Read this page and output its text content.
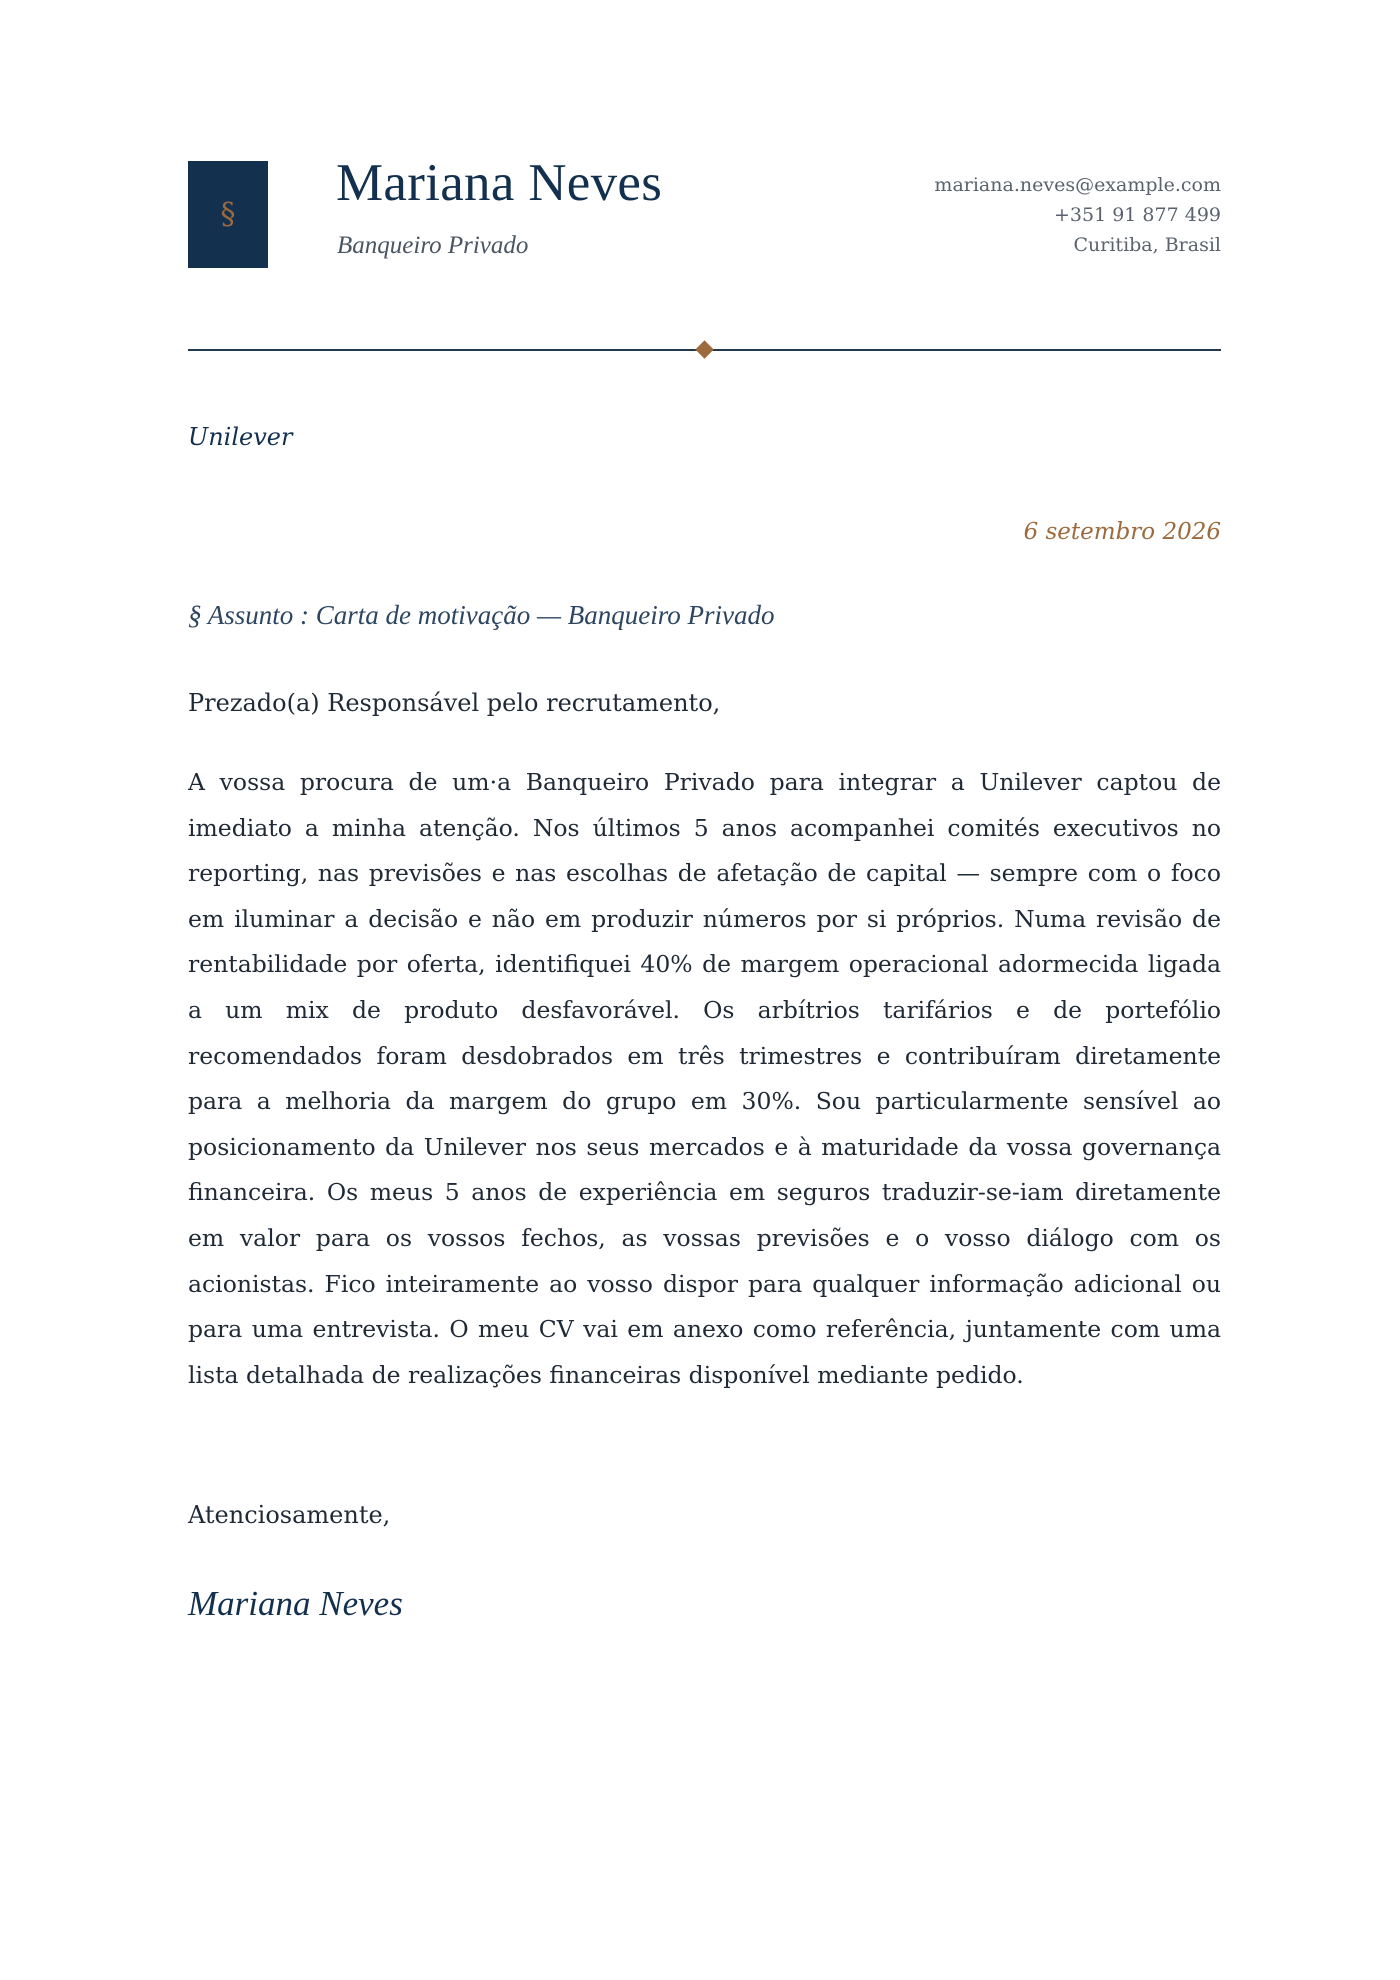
§
Mariana Neves
Banqueiro Privado
mariana.neves@example.com
+351 91 877 499
Curitiba, Brasil
Unilever
6 setembro 2026
§ Assunto : Carta de motivação — Banqueiro Privado
Prezado(a) Responsável pelo recrutamento,

A vossa procura de um·a Banqueiro Privado para integrar a Unilever captou de imediato a minha atenção. Nos últimos 5 anos acompanhei comités executivos no reporting, nas previsões e nas escolhas de afetação de capital — sempre com o foco em iluminar a decisão e não em produzir números por si próprios. Numa revisão de rentabilidade por oferta, identifiquei 40% de margem operacional adormecida ligada a um mix de produto desfavorável. Os arbítrios tarifários e de portefólio recomendados foram desdobrados em três trimestres e contribuíram diretamente para a melhoria da margem do grupo em 30%. Sou particularmente sensível ao posicionamento da Unilever nos seus mercados e à maturidade da vossa governança financeira. Os meus 5 anos de experiência em seguros traduzir-se-iam diretamente em valor para os vossos fechos, as vossas previsões e o vosso diálogo com os acionistas. Fico inteiramente ao vosso dispor para qualquer informação adicional ou para uma entrevista. O meu CV vai em anexo como referência, juntamente com uma lista detalhada de realizações financeiras disponível mediante pedido.

Atenciosamente,
Mariana Neves
